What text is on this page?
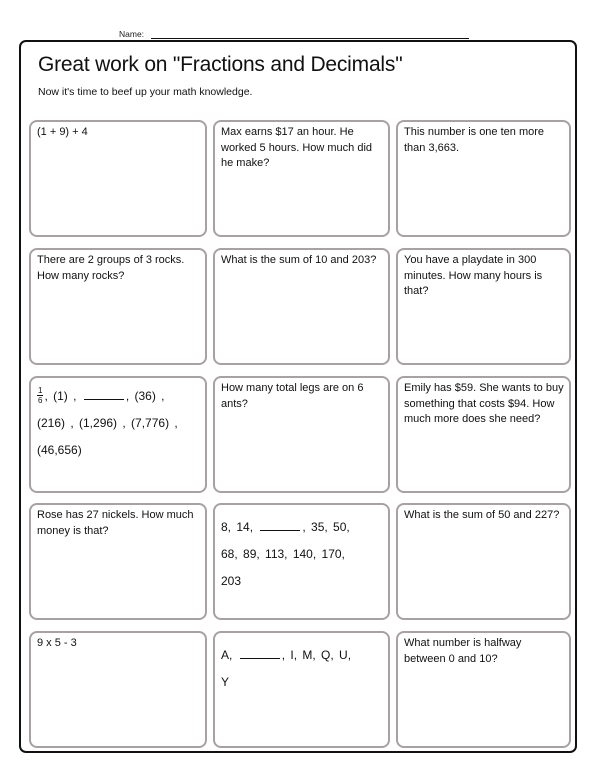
Name:
Great work on "Fractions and Decimals"
Now it's time to beef up your math knowledge.
(1 + 9) + 4	Max earns $17 an hour. He worked 5 hours. How much did he make?
This number is one ten more than 3,663.
There are 2 groups of 3 rocks. How many rocks?
What is the sum of 10 and 203?	You have a playdate in 300 minutes. How many hours is that?
$\frac{1}{6}$ , (1) ,	, (36) ,
(216) , (1,296) , (7,776) ,
(46,656)
How many total legs are on 6 ants?
Emily has $59. She wants to buy something that costs $94. How much more does she need?
Rose has 27 nickels. How much money is that?	8, 14,	, 35, 50,
68, 89, 113, 140, 170,
203
What is the sum of 50 and 227?
9 x 5 - 3
A,	, I, M, Q, U,
Y
What number is halfway between 0 and 10?
